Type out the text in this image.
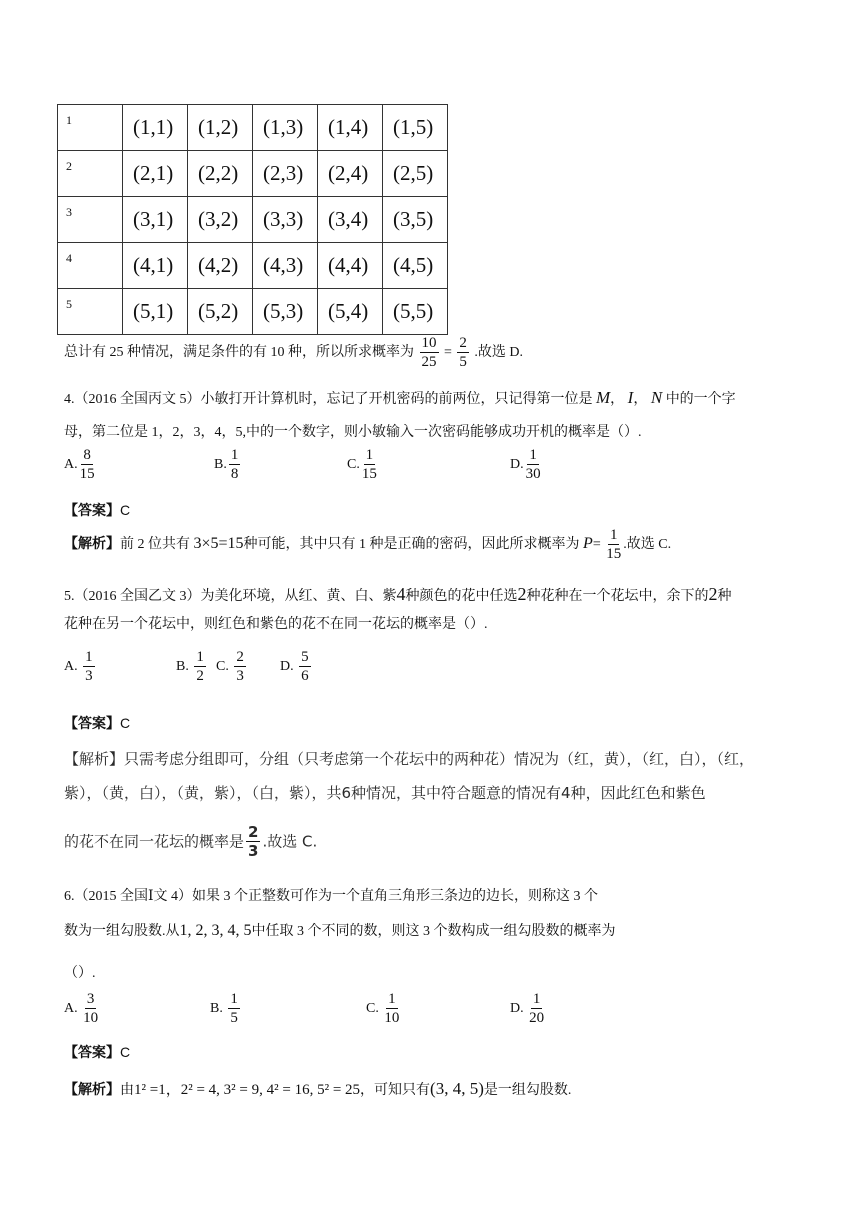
1	(1,1)	(1,2)	(1,3)	(1,4)	(1,5)

2	(2,1)	(2,2)	(2,3)	(2,4)	(2,5)

3	(3,1)	(3,2)	(3,3)	(3,4)	(3,5)

4	(4,1)	(4,2)	(4,3)	(4,4)	(4,5)

5	(5,1)	(5,2)	(5,3)	(5,4)	(5,5)
总计有 25 种情况，满足条件的有 10 种，所以所求概率为 $\frac{10}{25} = \frac{2}{5}$ .故选 D.
4.（2016 全国丙文 5）小敏打开计算机时，忘记了开机密码的前两位，只记得第一位是 M， I， N 中的一个字
母，第二位是 1，2，3，4，5,中的一个数字，则小敏输入一次密码能够成功开机的概率是（）.
A. $\frac{8}{15}$	B. $\frac{1}{8}$	C. $\frac{1}{15}$	D. $\frac{1}{30}$
【答案】C
【解析】前 2 位共有 3×5=15种可能，其中只有 1 种是正确的密码，因此所求概率为 $P= \frac{1}{15}$ .故选 C.
5.（2016 全国乙文 3）为美化环境，从红、黄、白、紫4种颜色的花中任选2种花种在一个花坛中，余下的2种
花种在另一个花坛中，则红色和紫色的花不在同一花坛的概率是（）.
A. $\frac{1}{3}$	B. $\frac{1}{2} C$. $\frac{2}{3} D$. $\frac{5}{6}$
【答案】C
【解析】只需考虑分组即可，分组（只考虑第一个花坛中的两种花）情况为（红，黄），（红，白），（红，
紫），（黄，白），（黄，紫），（白，紫），共6种情况，其中符合题意的情况有4种，因此红色和紫色
的花不在同一花坛的概率是 $\frac{2}{3}$ .故选 C.
6.（2015 全国Ⅰ文 4）如果 3 个正整数可作为一个直角三角形三条边的边长，则称这 3 个
数为一组勾股数.从1, 2, 3, 4, 5中任取 3 个不同的数，则这 3 个数构成一组勾股数的概率为
（）.
A. $\frac{3}{10}$	B. $\frac{1}{5}$	C. $\frac{1}{10}$	D. $\frac{1}{20}$
【答案】C
【解析】由1² =1，2² = 4, 3² = 9, 4² = 16, 5² = 25，可知只有(3, 4, 5)是一组勾股数.
